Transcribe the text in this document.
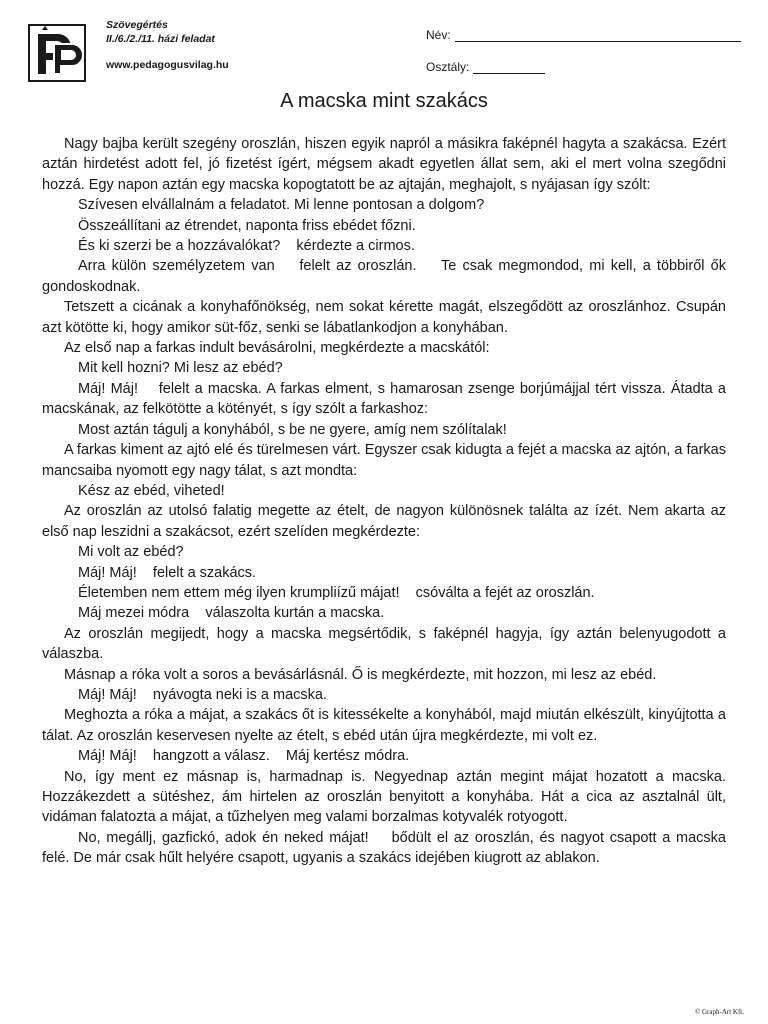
Szövegértés
II./6./2./11. házi feladat
www.pedagogusvilag.hu
Név:
Osztály:
A macska mint szakács

Nagy bajba került szegény oroszlán, hiszen egyik napról a másikra faképnél hagyta a szakácsa. Ezért aztán hirdetést adott fel, jó fizetést ígért, mégsem akadt egyetlen állat sem, aki el mert volna szegődni hozzá. Egy napon aztán egy macska kopogtatott be az ajtaján, meghajolt, s nyájasan így szólt:

Szívesen elvállalnám a feladatot. Mi lenne pontosan a dolgom?

Összeállítani az étrendet, naponta friss ebédet főzni.

És ki szerzi be a hozzávalókat?    kérdezte a cirmos.

Arra külön személyzetem van    felelt az oroszlán.    Te csak megmondod, mi kell, a többiről ők gondoskodnak.

Tetszett a cicának a konyhafőnökség, nem sokat kérette magát, elszegődött az oroszlánhoz. Csupán azt kötötte ki, hogy amikor süt-főz, senki se lábatlankodjon a konyhában.

Az első nap a farkas indult bevásárolni, megkérdezte a macskától:

Mit kell hozni? Mi lesz az ebéd?

Máj! Máj!    felelt a macska. A farkas elment, s hamarosan zsenge borjúmájjal tért vissza. Átadta a macskának, az felkötötte a kötényét, s így szólt a farkashoz:

Most aztán tágulj a konyhából, s be ne gyere, amíg nem szólítalak!

A farkas kiment az ajtó elé és türelmesen várt. Egyszer csak kidugta a fejét a macska az ajtón, a farkas mancsaiba nyomott egy nagy tálat, s azt mondta:

Kész az ebéd, viheted!

Az oroszlán az utolsó falatig megette az ételt, de nagyon különösnek találta az ízét. Nem akarta az első nap leszidni a szakácsot, ezért szelíden megkérdezte:

Mi volt az ebéd?

Máj! Máj!    felelt a szakács.

Életemben nem ettem még ilyen krumpliízű májat!    csóválta a fejét az oroszlán.

Máj mezei módra    válaszolta kurtán a macska.

Az oroszlán megijedt, hogy a macska megsértődik, s faképnél hagyja, így aztán belenyugodott a válaszba.

Másnap a róka volt a soros a bevásárlásnál. Ő is megkérdezte, mit hozzon, mi lesz az ebéd.

Máj! Máj!    nyávogta neki is a macska.

Meghozta a róka a májat, a szakács őt is kitessékelte a konyhából, majd miután elkészült, kinyújtotta a tálat. Az oroszlán keservesen nyelte az ételt, s ebéd után újra megkérdezte, mi volt ez.

Máj! Máj!    hangzott a válasz.    Máj kertész módra.

No, így ment ez másnap is, harmadnap is. Negyednap aztán megint májat hozatott a macska. Hozzákezdett a sütéshez, ám hirtelen az oroszlán benyitott a konyhába. Hát a cica az asztalnál ült, vidáman falatozta a májat, a tűzhelyen meg valami borzalmas kotyvalék rotyogott.

No, megállj, gazfickó, adok én neked májat!    bődült el az oroszlán, és nagyot csapott a macska felé. De már csak hűlt helyére csapott, ugyanis a szakács idejében kiugrott az ablakon.

© Graph-Art Kft.
